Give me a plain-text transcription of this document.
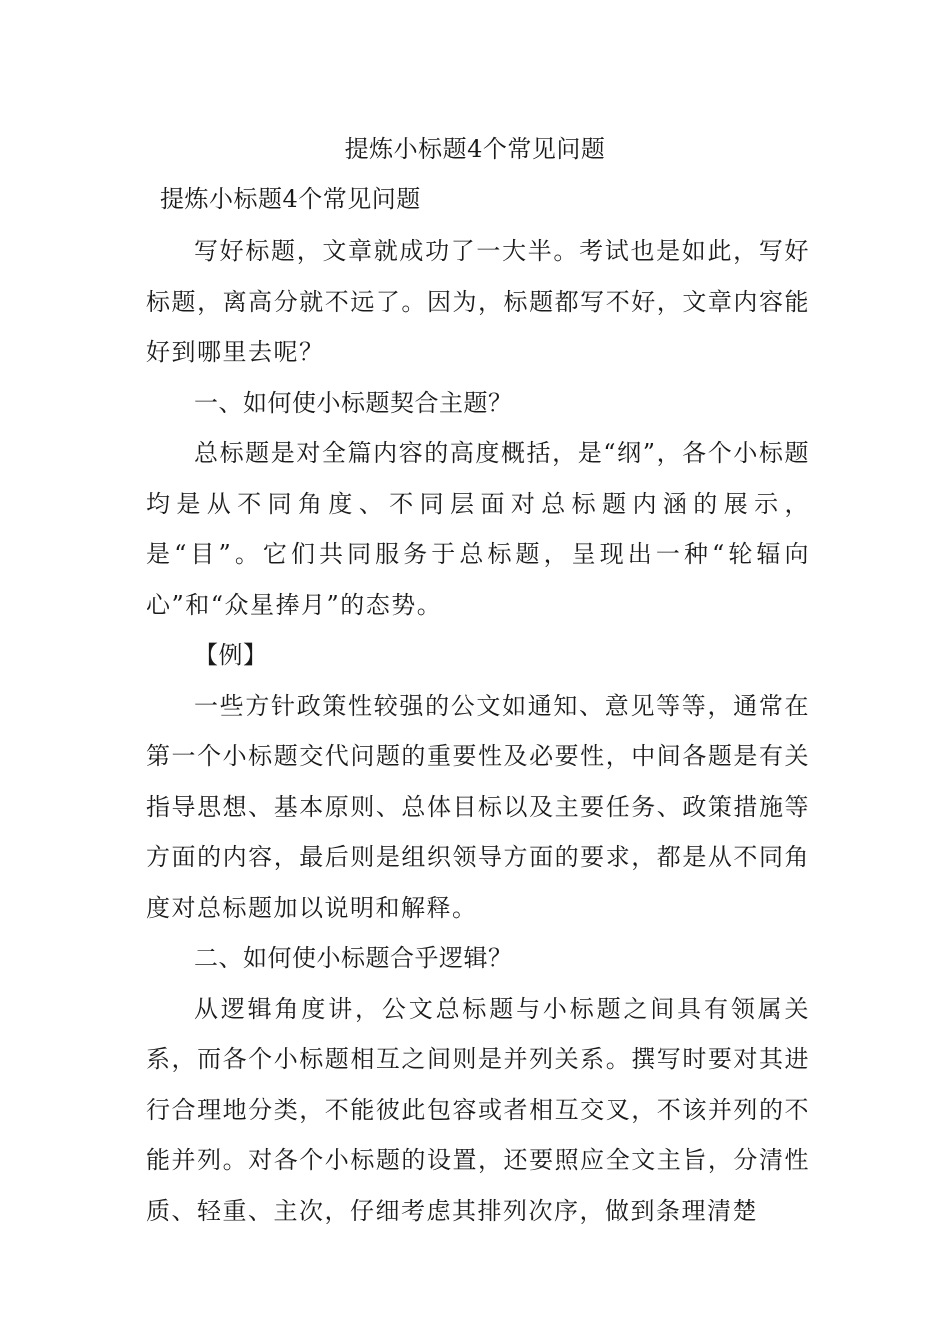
提炼小标题4个常见问题
提炼小标题4个常见问题

写好标题，文章就成功了一大半。考试也是如此，写好标题，离高分就不远了。因为，标题都写不好，文章内容能好到哪里去呢？

一、如何使小标题契合主题？

总标题是对全篇内容的高度概括，是“纲”，各个小标题均是从不同角度、不同层面对总标题内涵的展示，是“目”。它们共同服务于总标题，呈现出一种“轮辐向心”和“众星捧月”的态势。

【例】

一些方针政策性较强的公文如通知、意见等等，通常在第一个小标题交代问题的重要性及必要性，中间各题是有关指导思想、基本原则、总体目标以及主要任务、政策措施等方面的内容，最后则是组织领导方面的要求，都是从不同角度对总标题加以说明和解释。

二、如何使小标题合乎逻辑？

从逻辑角度讲，公文总标题与小标题之间具有领属关系，而各个小标题相互之间则是并列关系。撰写时要对其进行合理地分类，不能彼此包容或者相互交叉，不该并列的不能并列。对各个小标题的设置，还要照应全文主旨，分清性质、轻重、主次，仔细考虑其排列次序，做到条理清楚
